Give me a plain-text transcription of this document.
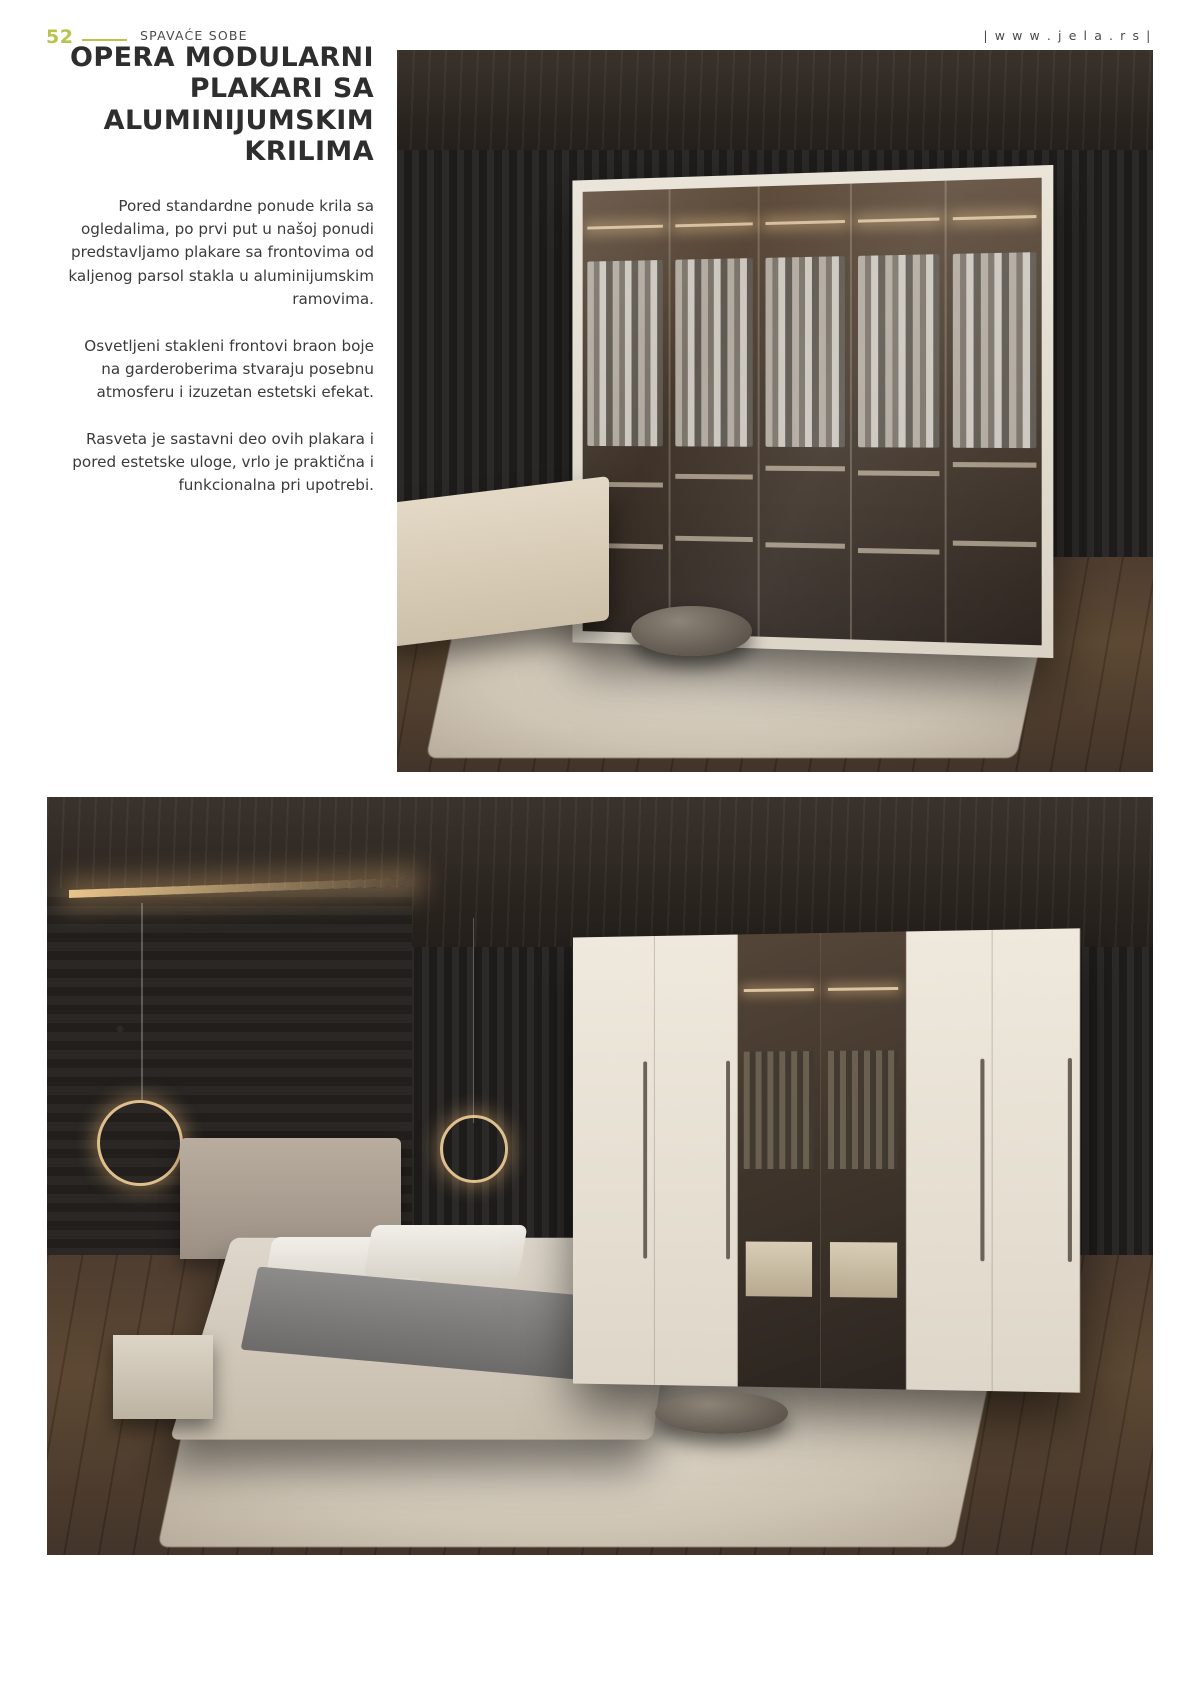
52	SPAVAĆE SOBE	| w w w . j e l a . r s |
OPERA MODULARNI PLAKARI SA ALUMINIJUMSKIM KRILIMA

Pored standardne ponude krila sa ogledalima, po prvi put u našoj ponudi predstavljamo plakare sa frontovima od kaljenog parsol stakla u aluminijumskim ramovima.

Osvetljeni stakleni frontovi braon boje na garderoberima stvaraju posebnu atmosferu i izuzetan estetski efekat.

Rasveta je sastavni deo ovih plakara i pored estetske uloge, vrlo je praktična i funkcionalna pri upotrebi.
